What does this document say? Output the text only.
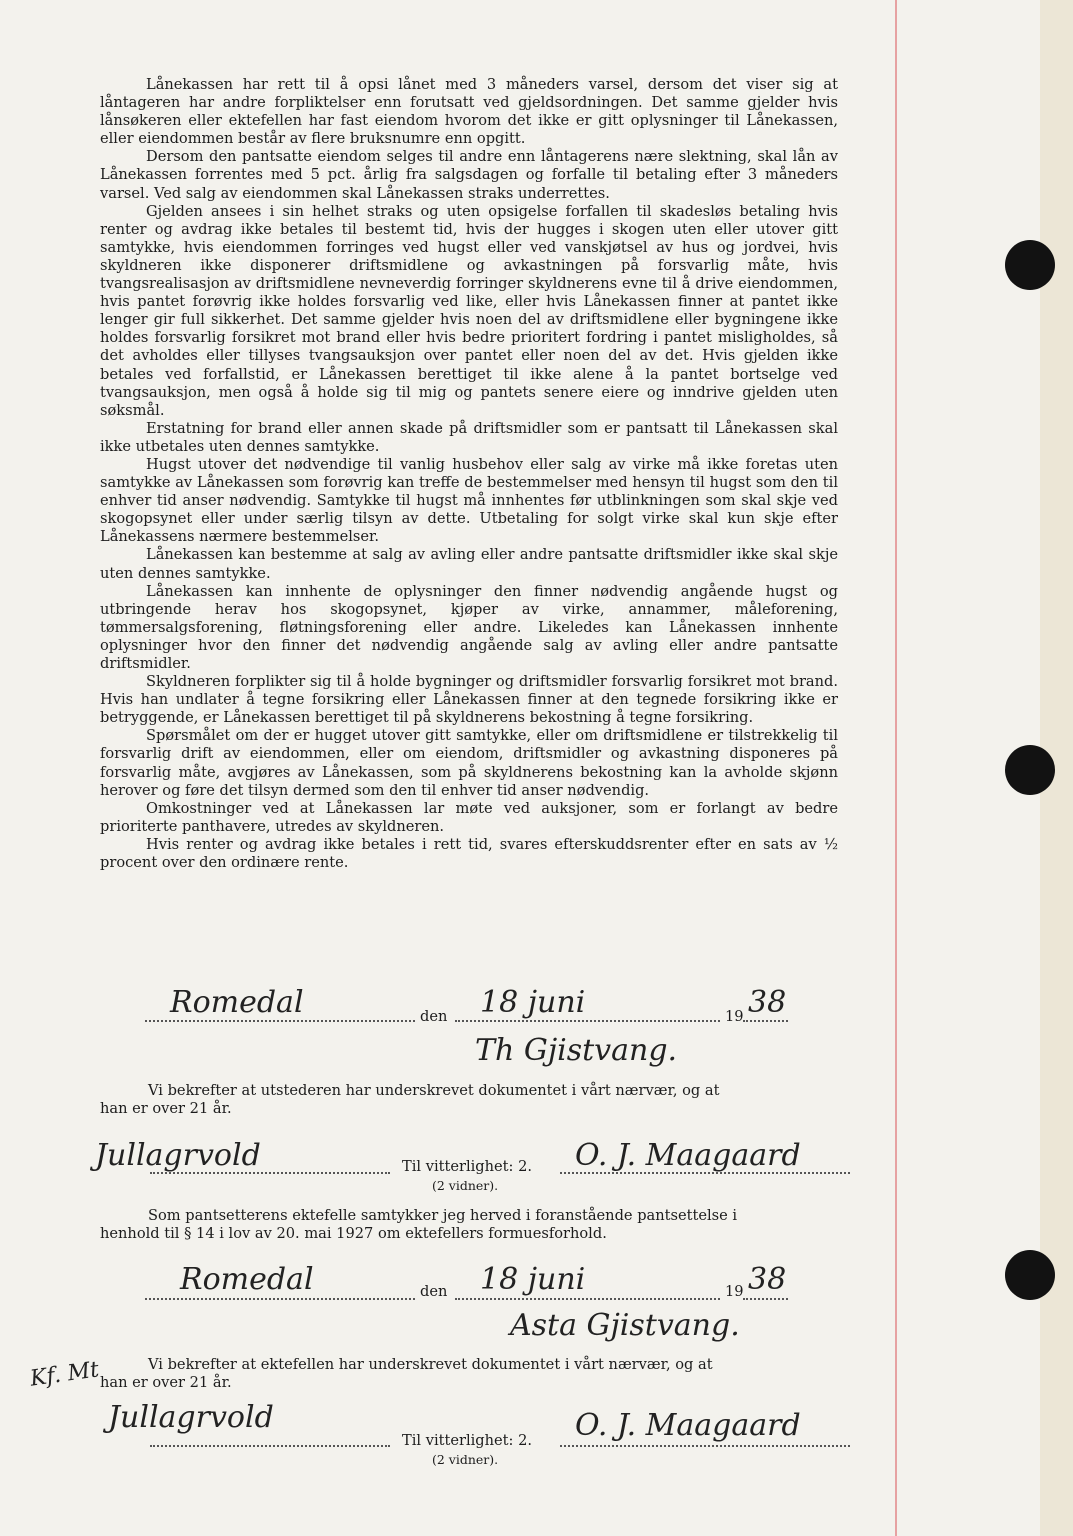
Lånekassen har rett til å opsi lånet med 3 måneders varsel, dersom det viser sig at låntageren har andre forpliktelser enn forutsatt ved gjeldsordningen. Det samme gjelder hvis lånsøkeren eller ektefellen har fast eiendom hvorom det ikke er gitt oplysninger til Lånekassen, eller eiendommen består av flere bruksnumre enn opgitt.

Dersom den pantsatte eiendom selges til andre enn låntagerens nære slektning, skal lån av Lånekassen forrentes med 5 pct. årlig fra salgsdagen og forfalle til betaling efter 3 måneders varsel. Ved salg av eiendommen skal Lånekassen straks underrettes.

Gjelden ansees i sin helhet straks og uten opsigelse forfallen til skadesløs betaling hvis renter og avdrag ikke betales til bestemt tid, hvis der hugges i skogen uten eller utover gitt samtykke, hvis eiendommen forringes ved hugst eller ved vanskjøtsel av hus og jordvei, hvis skyldneren ikke disponerer driftsmidlene og avkastningen på forsvarlig måte, hvis tvangsrealisasjon av driftsmidlene nevneverdig forringer skyldnerens evne til å drive eiendommen, hvis pantet forøvrig ikke holdes forsvarlig ved like, eller hvis Lånekassen finner at pantet ikke lenger gir full sikkerhet. Det samme gjelder hvis noen del av driftsmidlene eller bygningene ikke holdes forsvarlig forsikret mot brand eller hvis bedre prioritert fordring i pantet misligholdes, så det avholdes eller tillyses tvangsauksjon over pantet eller noen del av det. Hvis gjelden ikke betales ved forfallstid, er Lånekassen berettiget til ikke alene å la pantet bortselge ved tvangsauksjon, men også å holde sig til mig og pantets senere eiere og inndrive gjelden uten søksmål.

Erstatning for brand eller annen skade på driftsmidler som er pantsatt til Lånekassen skal ikke utbetales uten dennes samtykke.

Hugst utover det nødvendige til vanlig husbehov eller salg av virke må ikke foretas uten samtykke av Lånekassen som forøvrig kan treffe de bestemmelser med hensyn til hugst som den til enhver tid anser nødvendig. Samtykke til hugst må innhentes før utblinkningen som skal skje ved skogopsynet eller under særlig tilsyn av dette. Utbetaling for solgt virke skal kun skje efter Lånekassens nærmere bestemmelser.

Lånekassen kan bestemme at salg av avling eller andre pantsatte driftsmidler ikke skal skje uten dennes samtykke.

Lånekassen kan innhente de oplysninger den finner nødvendig angående hugst og utbringende herav hos skogopsynet, kjøper av virke, annammer, måleforening, tømmersalgsforening, fløtningsforening eller andre. Likeledes kan Lånekassen innhente oplysninger hvor den finner det nødvendig angående salg av avling eller andre pantsatte driftsmidler.

Skyldneren forplikter sig til å holde bygninger og driftsmidler forsvarlig forsikret mot brand. Hvis han undlater å tegne forsikring eller Lånekassen finner at den tegnede forsikring ikke er betryggende, er Lånekassen berettiget til på skyldnerens bekostning å tegne forsikring.

Spørsmålet om der er hugget utover gitt samtykke, eller om driftsmidlene er tilstrekkelig til forsvarlig drift av eiendommen, eller om eiendom, driftsmidler og avkastning disponeres på forsvarlig måte, avgjøres av Lånekassen, som på skyldnerens bekostning kan la avholde skjønn herover og føre det tilsyn dermed som den til enhver tid anser nødvendig.

Omkostninger ved at Lånekassen lar møte ved auksjoner, som er forlangt av bedre prioriterte panthavere, utredes av skyldneren.

Hvis renter og avdrag ikke betales i rett tid, svares efterskuddsrenter efter en sats av ½ procent over den ordinære rente.

Romedal	den 18 juni	19 38
Th Gjistvang.
Vi bekrefter at utstederen har underskrevet dokumentet i vårt nærvær, og at
han er over 21 år.
Jullagrvold	Til vitterlighet: 2. O. J. Maagaard
(2 vidner).
Som pantsetterens ektefelle samtykker jeg herved i foranstående pantsettelse i
henhold til § 14 i lov av 20. mai 1927 om ektefellers formuesforhold.
Romedal	den 18 juni	19 38
Asta Gjistvang.
Vi bekrefter at ektefellen har underskrevet dokumentet i vårt nærvær, og at
han er over 21 år.
Kf. Mt
Jullagrvold
Til vitterlighet: 2. O. J. Maagaard
(2 vidner).
